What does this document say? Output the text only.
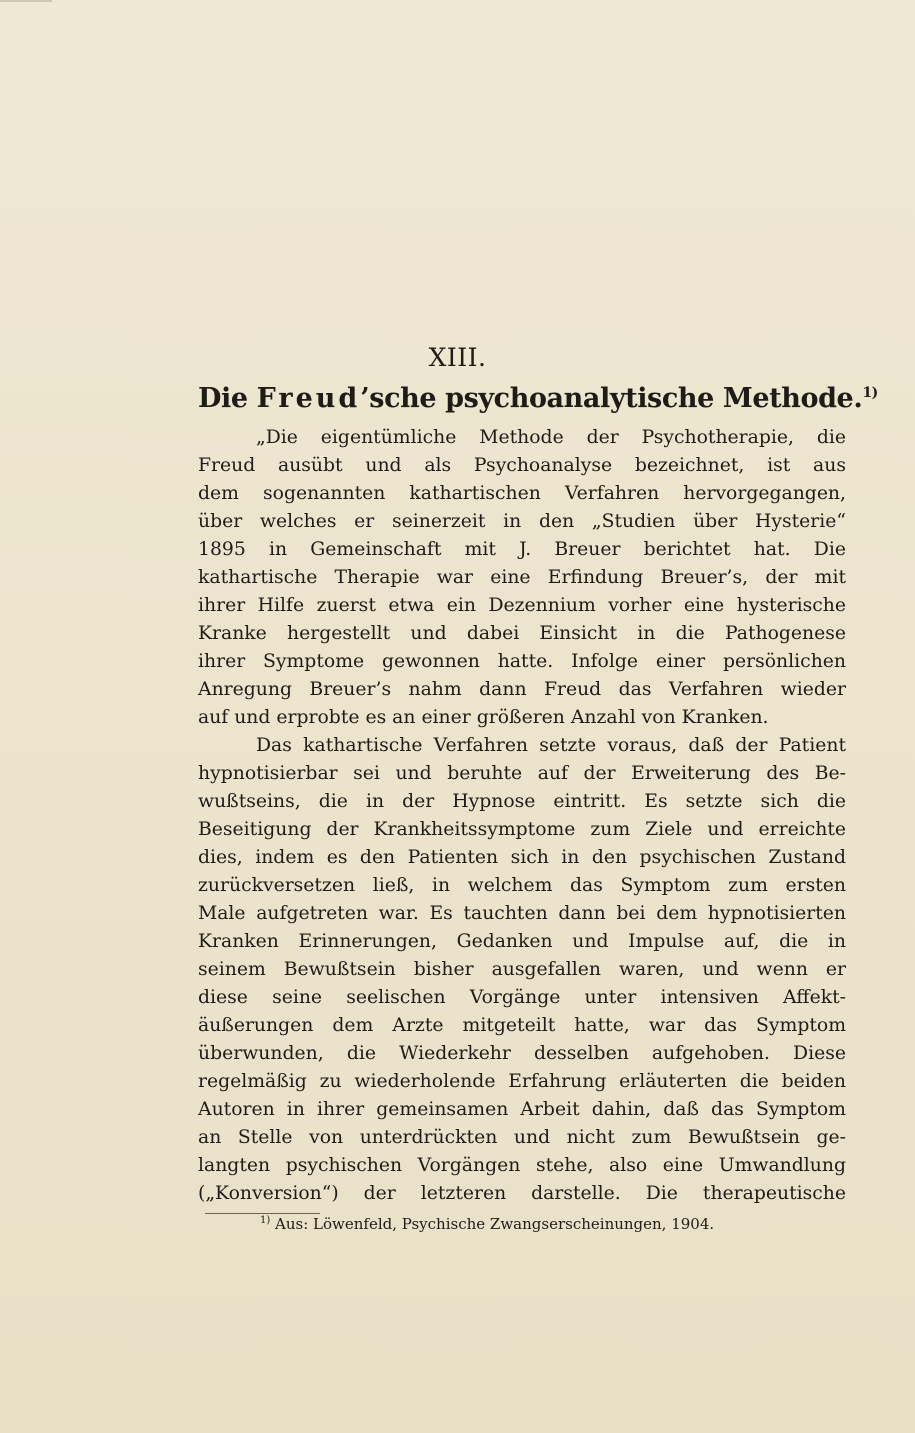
XIII.
Die Freud’sche psychoanalytische Methode.$^{1)}$
„Die eigentümliche Methode der Psychotherapie, die
Freud ausübt und als Psychoanalyse bezeichnet, ist aus
dem sogenannten kathartischen Verfahren hervorgegangen,
über welches er seinerzeit in den „Studien über Hysterie“
1895 in Gemeinschaft mit J. Breuer berichtet hat. Die
kathartische Therapie war eine Erfindung Breuer’s, der mit
ihrer Hilfe zuerst etwa ein Dezennium vorher eine hysterische
Kranke hergestellt und dabei Einsicht in die Pathogenese
ihrer Symptome gewonnen hatte. Infolge einer persönlichen
Anregung Breuer’s nahm dann Freud das Verfahren wieder
auf und erprobte es an einer größeren Anzahl von Kranken.
Das kathartische Verfahren setzte voraus, daß der Patient
hypnotisierbar sei und beruhte auf der Erweiterung des Be-
wußtseins, die in der Hypnose eintritt. Es setzte sich die
Beseitigung der Krankheitssymptome zum Ziele und erreichte
dies, indem es den Patienten sich in den psychischen Zustand
zurückversetzen ließ, in welchem das Symptom zum ersten
Male aufgetreten war. Es tauchten dann bei dem hypnotisierten
Kranken Erinnerungen, Gedanken und Impulse auf, die in
seinem Bewußtsein bisher ausgefallen waren, und wenn er
diese seine seelischen Vorgänge unter intensiven Affekt-
äußerungen dem Arzte mitgeteilt hatte, war das Symptom
überwunden, die Wiederkehr desselben aufgehoben. Diese
regelmäßig zu wiederholende Erfahrung erläuterten die beiden
Autoren in ihrer gemeinsamen Arbeit dahin, daß das Symptom
an Stelle von unterdrückten und nicht zum Bewußtsein ge-
langten psychischen Vorgängen stehe, also eine Umwandlung
(„Konversion“) der letzteren darstelle. Die therapeutische
$^{1)}$ Aus: Löwenfeld, Psychische Zwangserscheinungen, 1904.
